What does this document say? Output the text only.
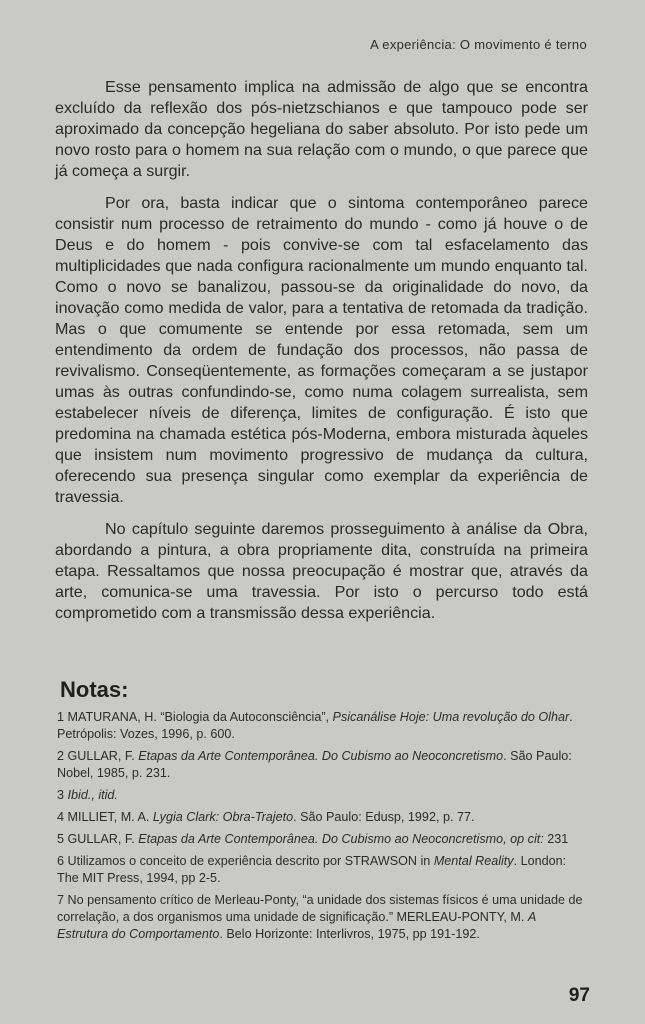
A experiência: O movimento é terno

Esse pensamento implica na admissão de algo que se encontra excluído da reflexão dos pós-nietzschianos e que tampouco pode ser aproximado da concepção hegeliana do saber absoluto. Por isto pede um novo rosto para o homem na sua relação com o mundo, o que parece que já começa a surgir.

Por ora, basta indicar que o sintoma contemporâneo parece consistir num processo de retraimento do mundo - como já houve o de Deus e do homem - pois convive-se com tal esfacelamento das multiplicidades que nada configura racionalmente um mundo enquanto tal. Como o novo se banalizou, passou-se da originalidade do novo, da inovação como medida de valor, para a tentativa de retomada da tradição. Mas o que comumente se entende por essa retomada, sem um entendimento da ordem de fundação dos processos, não passa de revivalismo. Conseqüentemente, as formações começaram a se justapor umas às outras confundindo-se, como numa colagem surrealista, sem estabelecer níveis de diferença, limites de configuração. É isto que predomina na chamada estética pós-Moderna, embora misturada àqueles que insistem num movimento progressivo de mudança da cultura, oferecendo sua presença singular como exemplar da experiência de travessia.

No capítulo seguinte daremos prosseguimento à análise da Obra, abordando a pintura, a obra propriamente dita, construída na primeira etapa. Ressaltamos que nossa preocupação é mostrar que, através da arte, comunica-se uma travessia. Por isto o percurso todo está comprometido com a transmissão dessa experiência.

Notas:
1 MATURANA, H. “Biologia da Autoconsciência”, Psicanálise Hoje: Uma revolução do Olhar. Petrópolis: Vozes, 1996, p. 600.
2 GULLAR, F. Etapas da Arte Contemporânea. Do Cubismo ao Neoconcretismo. São Paulo: Nobel, 1985, p. 231.
3 Ibid., itid.
4 MILLIET, M. A. Lygia Clark: Obra-Trajeto. São Paulo: Edusp, 1992, p. 77.
5 GULLAR, F. Etapas da Arte Contemporânea. Do Cubismo ao Neoconcretismo, op cit: 231
6 Utilizamos o conceito de experiência descrito por STRAWSON in Mental Reality. London: The MIT Press, 1994, pp 2-5.
7 No pensamento crítico de Merleau-Ponty, “a unidade dos sistemas físicos é uma unidade de correlação, a dos organismos uma unidade de significação.” MERLEAU-PONTY, M. A Estrutura do Comportamento. Belo Horizonte: Interlivros, 1975, pp 191-192.
97
